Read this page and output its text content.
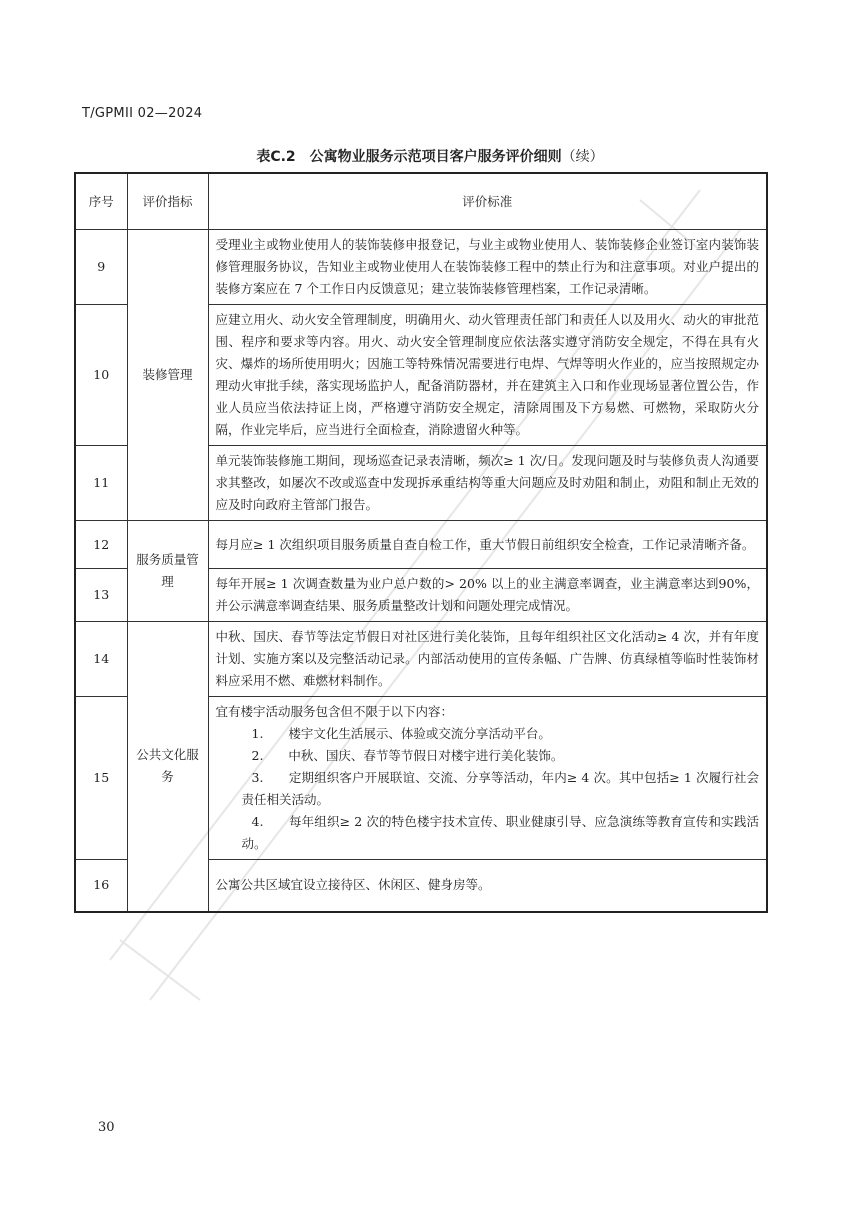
T/GPMII 02—2024
表C.2　公寓物业服务示范项目客户服务评价细则（续）
序号	评价指标	评价标准
9	装修管理	受理业主或物业使用人的装饰装修申报登记，与业主或物业使用人、装饰装修企业签订室内装饰装修管理服务协议，告知业主或物业使用人在装饰装修工程中的禁止行为和注意事项。对业户提出的装修方案应在 7 个工作日内反馈意见；建立装饰装修管理档案，工作记录清晰。
10		应建立用火、动火安全管理制度，明确用火、动火管理责任部门和责任人以及用火、动火的审批范围、程序和要求等内容。用火、动火安全管理制度应依法落实遵守消防安全规定，不得在具有火灾、爆炸的场所使用明火；因施工等特殊情况需要进行电焊、气焊等明火作业的，应当按照规定办理动火审批手续，落实现场监护人，配备消防器材，并在建筑主入口和作业现场显著位置公告，作业人员应当依法持证上岗，严格遵守消防安全规定，清除周围及下方易燃、可燃物，采取防火分隔，作业完毕后，应当进行全面检查，消除遗留火种等。
11		单元装饰装修施工期间，现场巡查记录表清晰，频次≥ 1 次/日。发现问题及时与装修负责人沟通要求其整改，如屡次不改或巡查中发现拆承重结构等重大问题应及时劝阻和制止，劝阻和制止无效的应及时向政府主管部门报告。
12	服务质量管理	每月应≥ 1 次组织项目服务质量自查自检工作，重大节假日前组织安全检查，工作记录清晰齐备。
13		每年开展≥ 1 次调查数量为业户总户数的> 20% 以上的业主满意率调查，业主满意率达到90%，并公示满意率调查结果、服务质量整改计划和问题处理完成情况。
14	公共文化服务	中秋、国庆、春节等法定节假日对社区进行美化装饰，且每年组织社区文化活动≥ 4 次，并有年度计划、实施方案以及完整活动记录。内部活动使用的宣传条幅、广告牌、仿真绿植等临时性装饰材料应采用不燃、难燃材料制作。
15		宜有楼宇活动服务包含但不限于以下内容：
1.　　楼宇文化生活展示、体验或交流分享活动平台。
2.　　中秋、国庆、春节等节假日对楼宇进行美化装饰。
3.　　定期组织客户开展联谊、交流、分享等活动，年内≥ 4 次。其中包括≥ 1 次履行社会责任相关活动。
4.　　每年组织≥ 2 次的特色楼宇技术宣传、职业健康引导、应急演练等教育宣传和实践活动。

16		公寓公共区域宜设立接待区、休闲区、健身房等。
30
